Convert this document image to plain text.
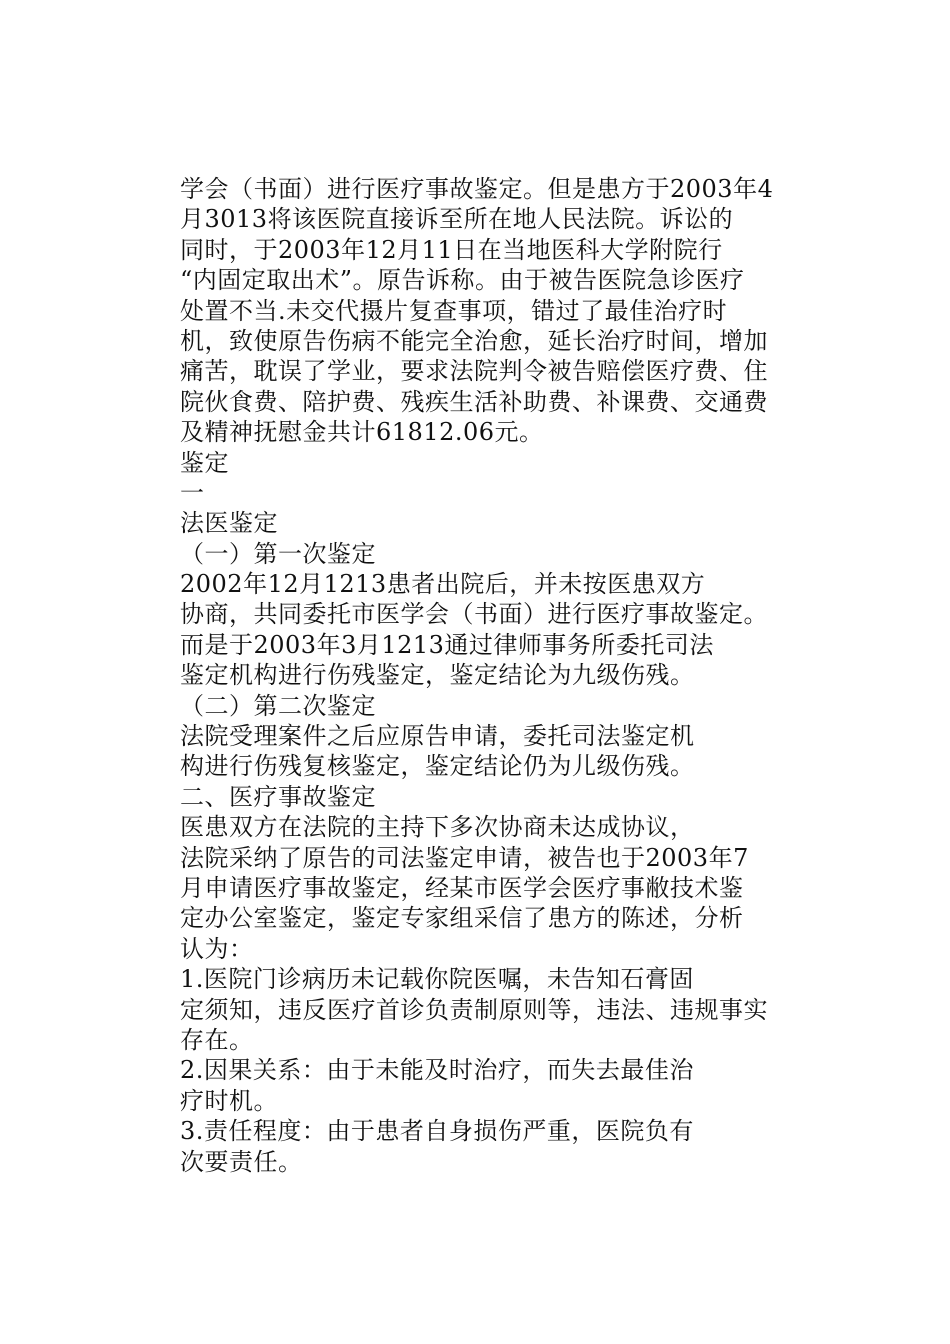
学会（书面）进行医疗事故鉴定。但是患方于2003年4
月3013将该医院直接诉至所在地人民法院。诉讼的
同时，于2003年12月11日在当地医科大学附院行
“内固定取出术”。原告诉称。由于被告医院急诊医疗
处置不当.未交代摄片复查事项，错过了最佳治疗时
机，致使原告伤病不能完全治愈，延长治疗时间，增加
痛苦，耽误了学业，要求法院判令被告赔偿医疗费、住
院伙食费、陪护费、残疾生活补助费、补课费、交通费
及精神抚慰金共计61812.06元。
鉴定
一
法医鉴定
（一）第一次鉴定
2002年12月1213患者出院后，并未按医患双方
协商，共同委托市医学会（书面）进行医疗事故鉴定。
而是于2003年3月1213通过律师事务所委托司法
鉴定机构进行伤残鉴定，鉴定结论为九级伤残。
（二）第二次鉴定
法院受理案件之后应原告申请，委托司法鉴定机
构进行伤残复核鉴定，鉴定结论仍为儿级伤残。
二、医疗事故鉴定
医患双方在法院的主持下多次协商未达成协议，
法院采纳了原告的司法鉴定申请，被告也于2003年7
月申请医疗事故鉴定，经某市医学会医疗事敝技术鉴
定办公室鉴定，鉴定专家组采信了患方的陈述，分析
认为：
1.医院门诊病历未记载你院医嘱，未告知石膏固
定须知，违反医疗首诊负责制原则等，违法、违规事实
存在。
2.因果关系：由于未能及时治疗，而失去最佳治
疗时机。
3.责任程度：由于患者自身损伤严重，医院负有
次要责任。
